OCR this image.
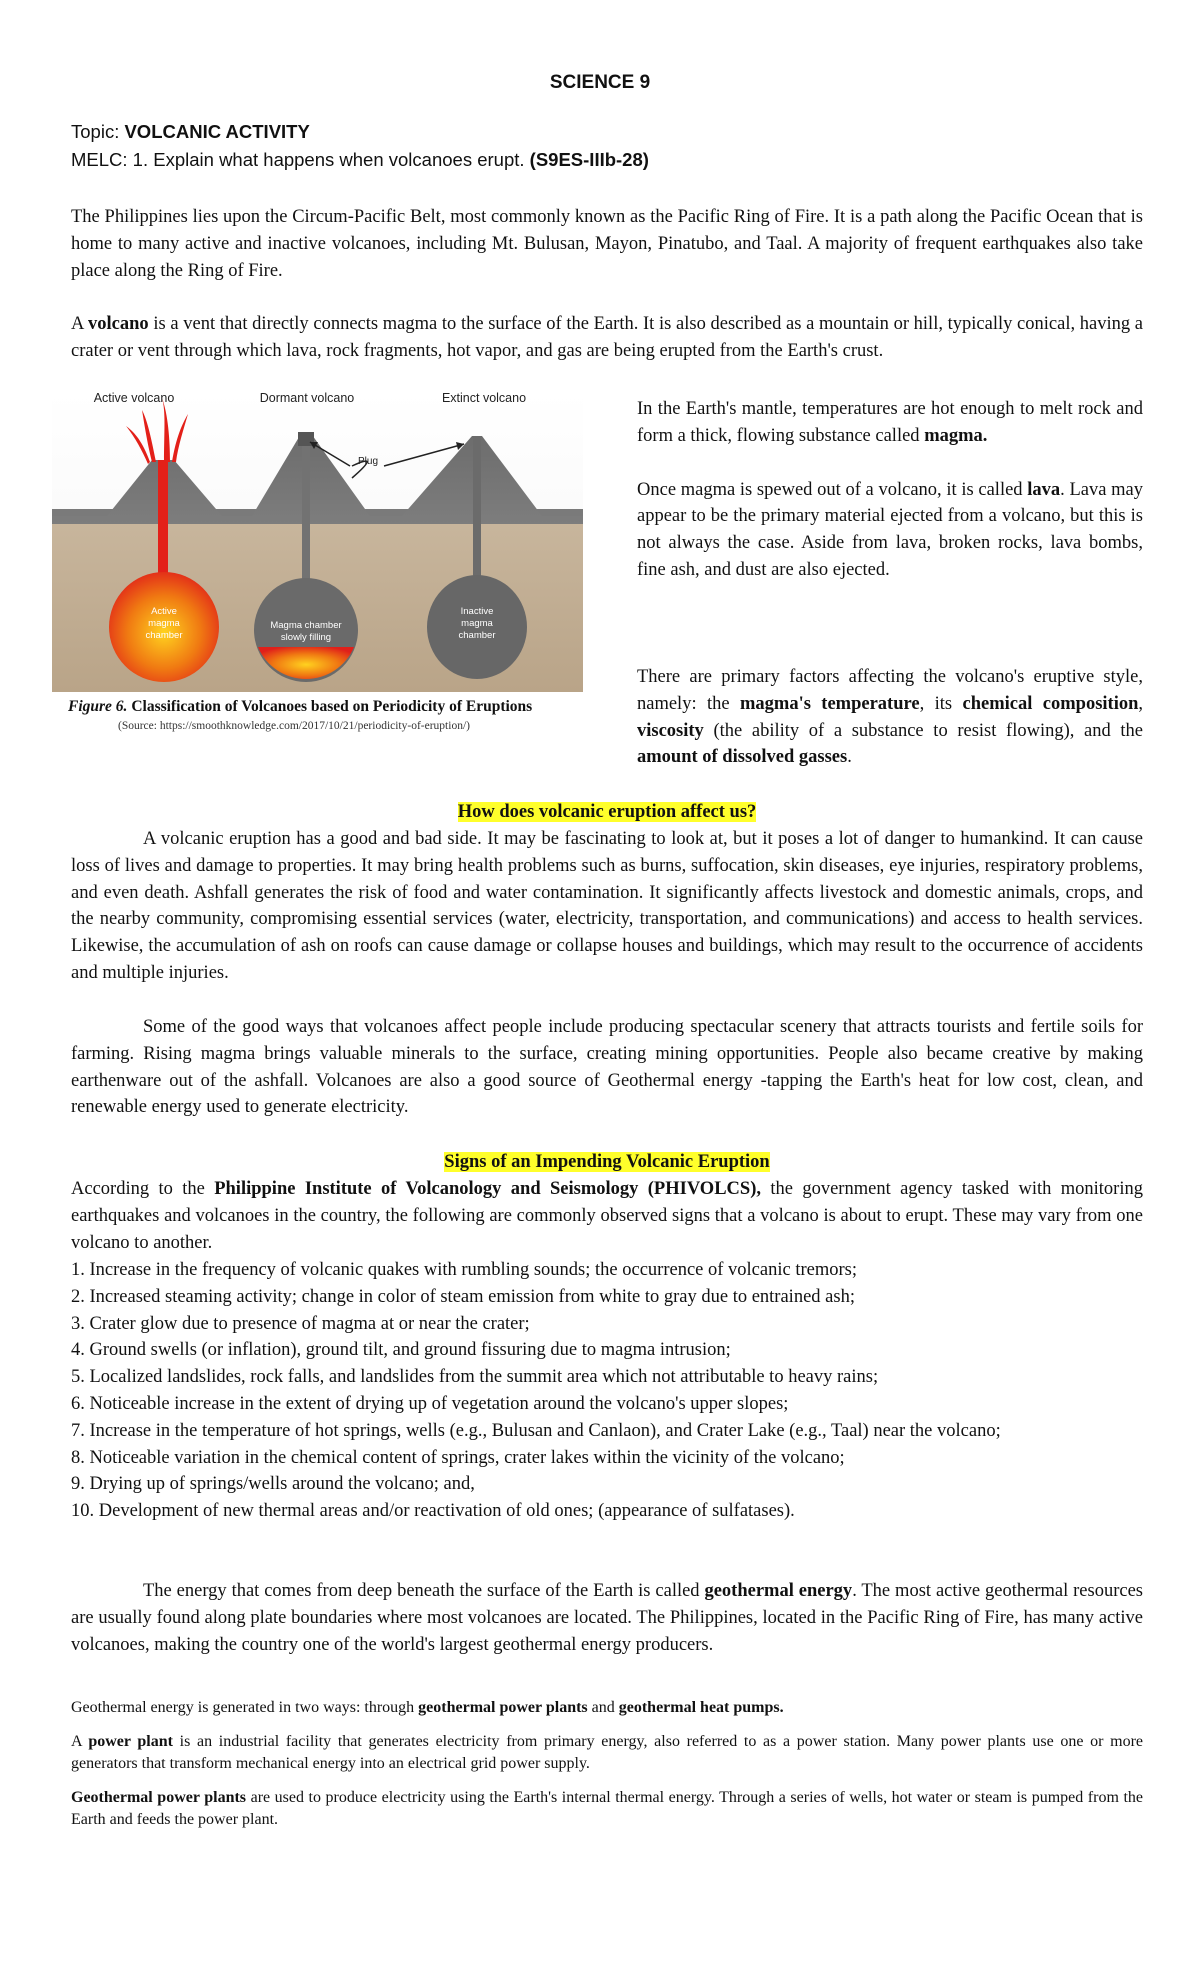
SCIENCE 9
Topic: VOLCANIC ACTIVITY
MELC: 1. Explain what happens when volcanoes erupt. (S9ES-IIIb-28)

The Philippines lies upon the Circum-Pacific Belt, most commonly known as the Pacific Ring of Fire. It is a path along the Pacific Ocean that is home to many active and inactive volcanoes, including Mt. Bulusan, Mayon, Pinatubo, and Taal. A majority of frequent earthquakes also take place along the Ring of Fire.

A volcano is a vent that directly connects magma to the surface of the Earth. It is also described as a mountain or hill, typically conical, having a crater or vent through which lava, rock fragments, hot vapor, and gas are being erupted from the Earth's crust.

Active volcano	Dormant volcano	Extinct volcano
Plug
Active
magma
chamber
Magma chamber
slowly filling
Inactive
magma
chamber
Figure 6. Classification of Volcanoes based on Periodicity of Eruptions
(Source: https://smoothknowledge.com/2017/10/21/periodicity-of-eruption/)

In the Earth's mantle, temperatures are hot enough to melt rock and form a thick, flowing substance called magma.

Once magma is spewed out of a volcano, it is called lava. Lava may appear to be the primary material ejected from a volcano, but this is not always the case. Aside from lava, broken rocks, lava bombs, fine ash, and dust are also ejected.

There are primary factors affecting the volcano's eruptive style, namely: the magma's temperature, its chemical composition, viscosity (the ability of a substance to resist flowing), and the amount of dissolved gasses.

How does volcanic eruption affect us?

A volcanic eruption has a good and bad side. It may be fascinating to look at, but it poses a lot of danger to humankind. It can cause loss of lives and damage to properties. It may bring health problems such as burns, suffocation, skin diseases, eye injuries, respiratory problems, and even death. Ashfall generates the risk of food and water contamination. It significantly affects livestock and domestic animals, crops, and the nearby community, compromising essential services (water, electricity, transportation, and communications) and access to health services. Likewise, the accumulation of ash on roofs can cause damage or collapse houses and buildings, which may result to the occurrence of accidents and multiple injuries.

Some of the good ways that volcanoes affect people include producing spectacular scenery that attracts tourists and fertile soils for farming. Rising magma brings valuable minerals to the surface, creating mining opportunities. People also became creative by making earthenware out of the ashfall. Volcanoes are also a good source of Geothermal energy -tapping the Earth's heat for low cost, clean, and renewable energy used to generate electricity.

Signs of an Impending Volcanic Eruption

According to the Philippine Institute of Volcanology and Seismology (PHIVOLCS), the government agency tasked with monitoring earthquakes and volcanoes in the country, the following are commonly observed signs that a volcano is about to erupt. These may vary from one volcano to another.

1. Increase in the frequency of volcanic quakes with rumbling sounds; the occurrence of volcanic tremors;

2. Increased steaming activity; change in color of steam emission from white to gray due to entrained ash;

3. Crater glow due to presence of magma at or near the crater;

4. Ground swells (or inflation), ground tilt, and ground fissuring due to magma intrusion;

5. Localized landslides, rock falls, and landslides from the summit area which not attributable to heavy rains;

6. Noticeable increase in the extent of drying up of vegetation around the volcano's upper slopes;

7. Increase in the temperature of hot springs, wells (e.g., Bulusan and Canlaon), and Crater Lake (e.g., Taal) near the volcano;

8. Noticeable variation in the chemical content of springs, crater lakes within the vicinity of the volcano;

9. Drying up of springs/wells around the volcano; and,

10. Development of new thermal areas and/or reactivation of old ones; (appearance of sulfatases).

The energy that comes from deep beneath the surface of the Earth is called geothermal energy. The most active geothermal resources are usually found along plate boundaries where most volcanoes are located. The Philippines, located in the Pacific Ring of Fire, has many active volcanoes, making the country one of the world's largest geothermal energy producers.

Geothermal energy is generated in two ways: through geothermal power plants and geothermal heat pumps.

A power plant is an industrial facility that generates electricity from primary energy, also referred to as a power station. Many power plants use one or more generators that transform mechanical energy into an electrical grid power supply.

Geothermal power plants are used to produce electricity using the Earth's internal thermal energy. Through a series of wells, hot water or steam is pumped from the Earth and feeds the power plant.
